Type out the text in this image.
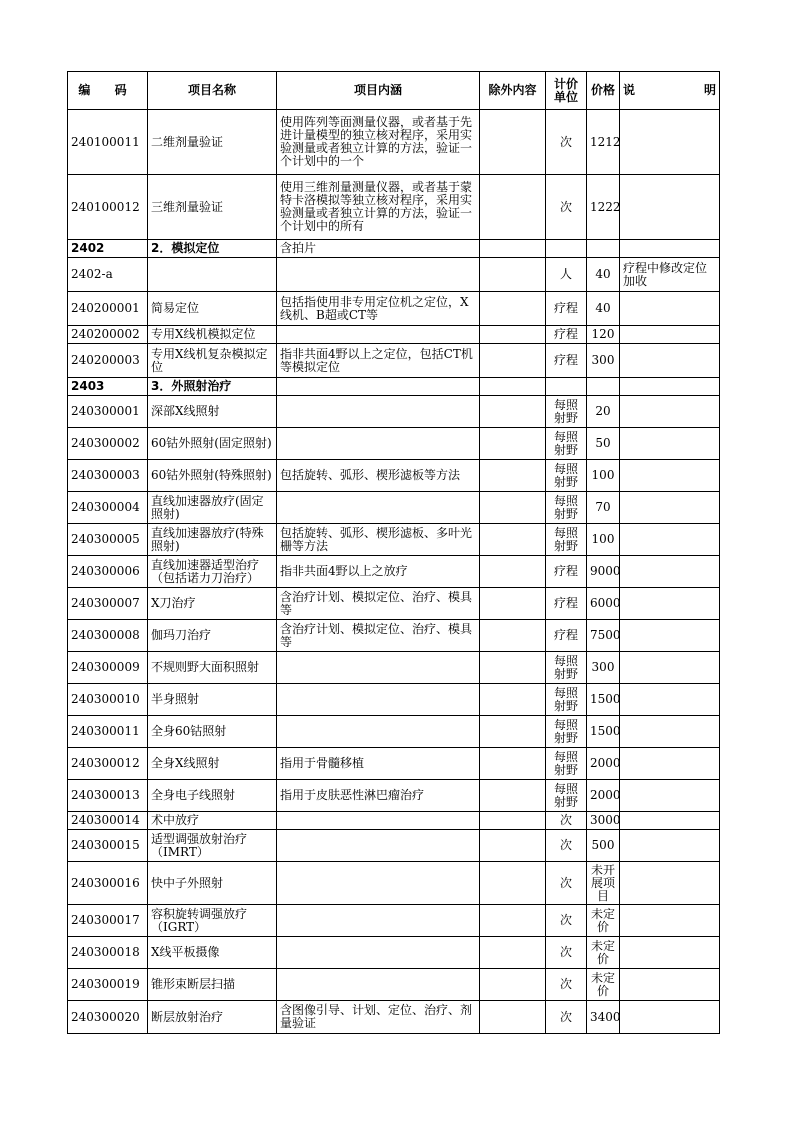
编 码	项目名称	项目内涵	除外内容	计价单位	价格	说 明

240100011	二维剂量验证	使用阵列等面测量仪器，或者基于先进计量模型的独立核对程序，采用实验测量或者独立计算的方法，验证一个计划中的一个		次	1212	

240100012	三维剂量验证	使用三维剂量测量仪器，或者基于蒙特卡洛模拟等独立核对程序，采用实验测量或者独立计算的方法，验证一个计划中的所有		次	1222	

2402	2．模拟定位	含拍片				

2402-a				人	40	疗程中修改定位加收

240200001	简易定位	包括指使用非专用定位机之定位，X线机、B超或CT等		疗程	40	

240200002	专用X线机模拟定位			疗程	120	

240200003	专用X线机复杂模拟定位	指非共面4野以上之定位，包括CT机等模拟定位		疗程	300	

2403	3．外照射治疗					

240300001	深部X线照射			每照射野	20	

240300002	60钴外照射(固定照射)			每照射野	50	

240300003	60钴外照射(特殊照射)	包括旋转、弧形、楔形滤板等方法		每照射野	100	

240300004	直线加速器放疗(固定照射)			每照射野	70	

240300005	直线加速器放疗(特殊照射)	包括旋转、弧形、楔形滤板、多叶光栅等方法		每照射野	100	

240300006	直线加速器适型治疗（包括诺力刀治疗）	指非共面4野以上之放疗		疗程	9000	

240300007	X刀治疗	含治疗计划、模拟定位、治疗、模具等		疗程	6000	

240300008	伽玛刀治疗	含治疗计划、模拟定位、治疗、模具等		疗程	7500	

240300009	不规则野大面积照射			每照射野	300	

240300010	半身照射			每照射野	1500	

240300011	全身60钴照射			每照射野	1500	

240300012	全身X线照射	指用于骨髓移植		每照射野	2000	

240300013	全身电子线照射	指用于皮肤恶性淋巴瘤治疗		每照射野	2000	

240300014	术中放疗			次	3000	

240300015	适型调强放射治疗（IMRT）			次	500	

240300016	快中子外照射			次	未开展项目	

240300017	容积旋转调强放疗（IGRT）			次	未定价	

240300018	X线平板摄像			次	未定价	

240300019	锥形束断层扫描			次	未定价	

240300020	断层放射治疗	含图像引导、计划、定位、治疗、剂量验证		次	3400	
